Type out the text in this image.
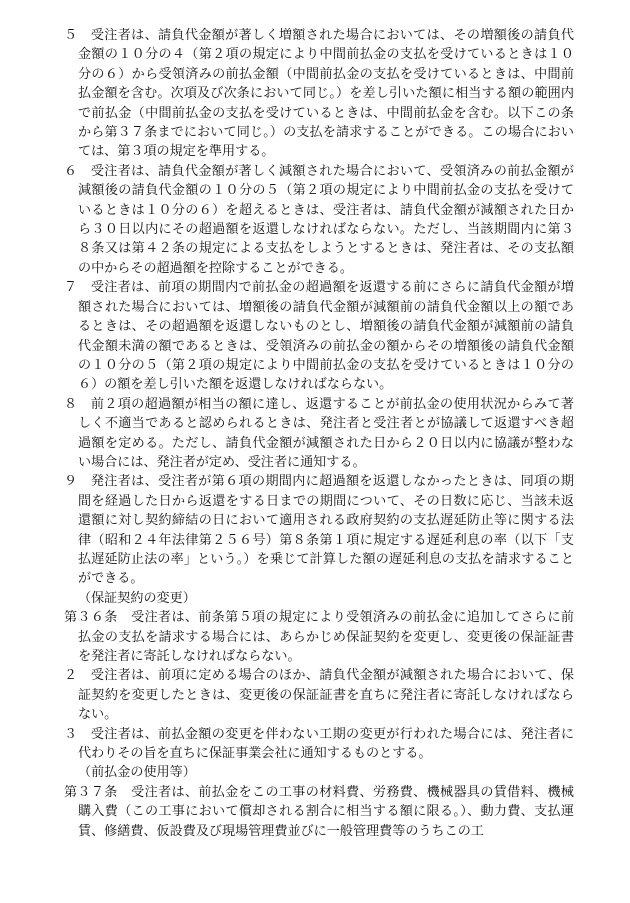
５　受注者は、請負代金額が著しく増額された場合においては、その増額後の請負代金額の１０分の４（第２項の規定により中間前払金の支払を受けているときは１０分の６）から受領済みの前払金額（中間前払金の支払を受けているときは、中間前払金額を含む。次項及び次条において同じ。）を差し引いた額に相当する額の範囲内で前払金（中間前払金の支払を受けているときは、中間前払金を含む。以下この条から第３７条までにおいて同じ。）の支払を請求することができる。この場合においては、第３項の規定を準用する。

６　受注者は、請負代金額が著しく減額された場合において、受領済みの前払金額が減額後の請負代金額の１０分の５（第２項の規定により中間前払金の支払を受けているときは１０分の６）を超えるときは、受注者は、請負代金額が減額された日から３０日以内にその超過額を返還しなければならない。ただし、当該期間内に第３８条又は第４２条の規定による支払をしようとするときは、発注者は、その支払額の中からその超過額を控除することができる。

７　受注者は、前項の期間内で前払金の超過額を返還する前にさらに請負代金額が増額された場合においては、増額後の請負代金額が減額前の請負代金額以上の額であるときは、その超過額を返還しないものとし、増額後の請負代金額が減額前の請負代金額未満の額であるときは、受領済みの前払金の額からその増額後の請負代金額の１０分の５（第２項の規定により中間前払金の支払を受けているときは１０分の６）の額を差し引いた額を返還しなければならない。

８　前２項の超過額が相当の額に達し、返還することが前払金の使用状況からみて著しく不適当であると認められるときは、発注者と受注者とが協議して返還すべき超過額を定める。ただし、請負代金額が減額された日から２０日以内に協議が整わない場合には、発注者が定め、受注者に通知する。

９　発注者は、受注者が第６項の期間内に超過額を返還しなかったときは、同項の期間を経過した日から返還をする日までの期間について、その日数に応じ、当該未返還額に対し契約締結の日において適用される政府契約の支払遅延防止等に関する法律（昭和２４年法律第２５６号）第８条第１項に規定する遅延利息の率（以下「支払遅延防止法の率」という。）を乗じて計算した額の遅延利息の支払を請求することができる。

（保証契約の変更）

第３６条　受注者は、前条第５項の規定により受領済みの前払金に追加してさらに前払金の支払を請求する場合には、あらかじめ保証契約を変更し、変更後の保証証書を発注者に寄託しなければならない。

２　受注者は、前項に定める場合のほか、請負代金額が減額された場合において、保証契約を変更したときは、変更後の保証証書を直ちに発注者に寄託しなければならない。

３　受注者は、前払金額の変更を伴わない工期の変更が行われた場合には、発注者に代わりその旨を直ちに保証事業会社に通知するものとする。

（前払金の使用等）

第３７条　受注者は、前払金をこの工事の材料費、労務費、機械器具の賃借料、機械購入費（この工事において償却される割合に相当する額に限る。）、動力費、支払運賃、修繕費、仮設費及び現場管理費並びに一般管理費等のうちこの工
